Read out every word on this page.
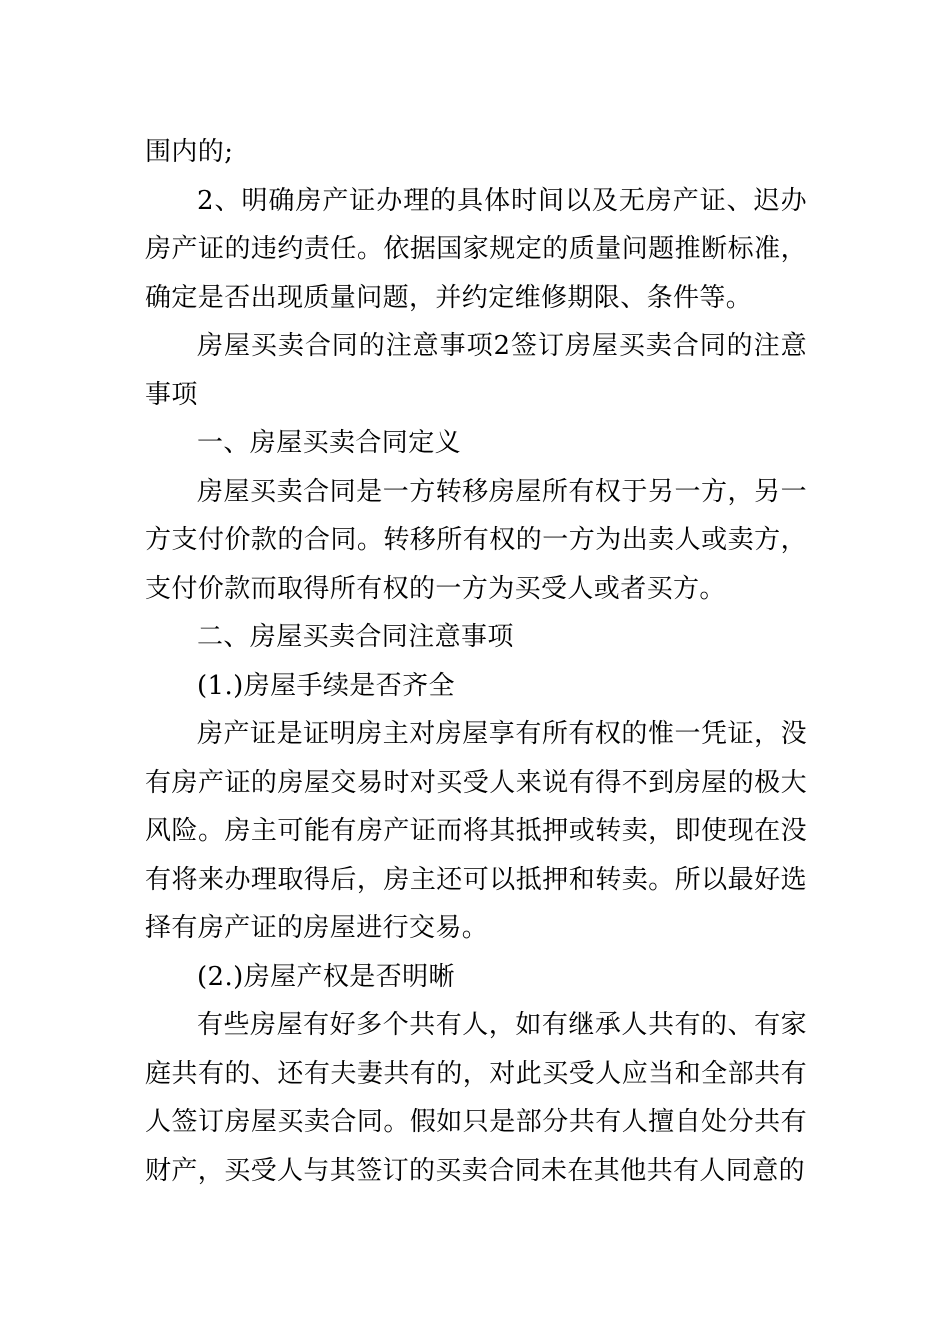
围内的;

2、明确房产证办理的具体时间以及无房产证、迟办房产证的违约责任。依据国家规定的质量问题推断标准，确定是否出现质量问题，并约定维修期限、条件等。

房屋买卖合同的注意事项2签订房屋买卖合同的注意事项

一、房屋买卖合同定义

房屋买卖合同是一方转移房屋所有权于另一方，另一方支付价款的合同。转移所有权的一方为出卖人或卖方，支付价款而取得所有权的一方为买受人或者买方。

二、房屋买卖合同注意事项

(1.)房屋手续是否齐全

房产证是证明房主对房屋享有所有权的惟一凭证，没有房产证的房屋交易时对买受人来说有得不到房屋的极大风险。房主可能有房产证而将其抵押或转卖，即使现在没有将来办理取得后，房主还可以抵押和转卖。所以最好选择有房产证的房屋进行交易。

(2.)房屋产权是否明晰

有些房屋有好多个共有人，如有继承人共有的、有家庭共有的、还有夫妻共有的，对此买受人应当和全部共有人签订房屋买卖合同。假如只是部分共有人擅自处分共有财产，买受人与其签订的买卖合同未在其他共有人同意的
